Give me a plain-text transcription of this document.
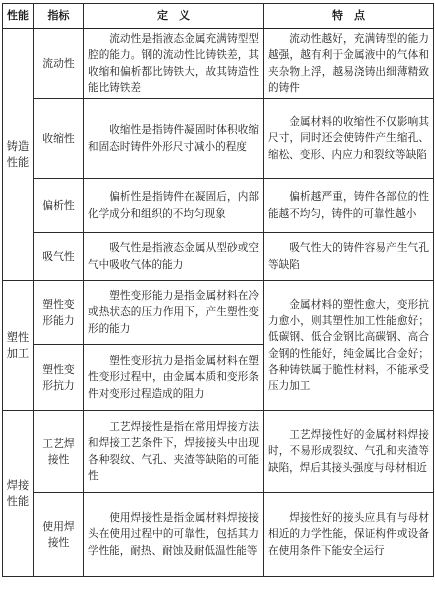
性能	指标	定　义	特　点
铸造性能	流动性	流动性是指液态金属充满铸型型腔的能力。钢的流动性比铸铁差，其收缩和偏析都比铸铁大，故其铸造性能比铸铁差	流动性越好，充满铸型的能力越强，越有利于金属液中的气体和夹杂物上浮，越易浇铸出细薄精致的铸件

	收缩性	收缩性是指铸件凝固时体积收缩和固态时铸件外形尺寸减小的程度	金属材料的收缩性不仅影响其尺寸，同时还会使铸件产生缩孔、缩松、变形、内应力和裂纹等缺陷

	偏析性	偏析性是指铸件在凝固后，内部化学成分和组织的不均匀现象	偏析越严重，铸件各部位的性能越不均匀，铸件的可靠性越小

	吸气性	吸气性是指液态金属从型砂或空气中吸收气体的能力	吸气性大的铸件容易产生气孔等缺陷

塑性加工	塑性变形能力	塑性变形能力是指金属材料在冷或热状态的压力作用下，产生塑性变形的能力	金属材料的塑性愈大，变形抗力愈小，则其塑性加工性能愈好；低碳钢、低合金钢比高碳钢、高合金钢的性能好，纯金属比合金好；各种铸铁属于脆性材料，不能承受压力加工

	塑性变形抗力	塑性变形抗力是指金属材料在塑性变形过程中，由金属本质和变形条件对变形过程造成的阻力	

焊接性能	工艺焊接性	工艺焊接性是指在常用焊接方法和焊接工艺条件下，焊接接头中出现各种裂纹、气孔、夹渣等缺陷的可能性	工艺焊接性好的金属材料焊接时，不易形成裂纹、气孔和夹渣等缺陷，焊后其接头强度与母材相近

	使用焊接性	使用焊接性是指金属材料焊接接头在使用过程中的可靠性，包括其力学性能，耐热、耐蚀及耐低温性能等	焊接性好的接头应具有与母材相近的力学性能，保证构件或设备在使用条件下能安全运行
